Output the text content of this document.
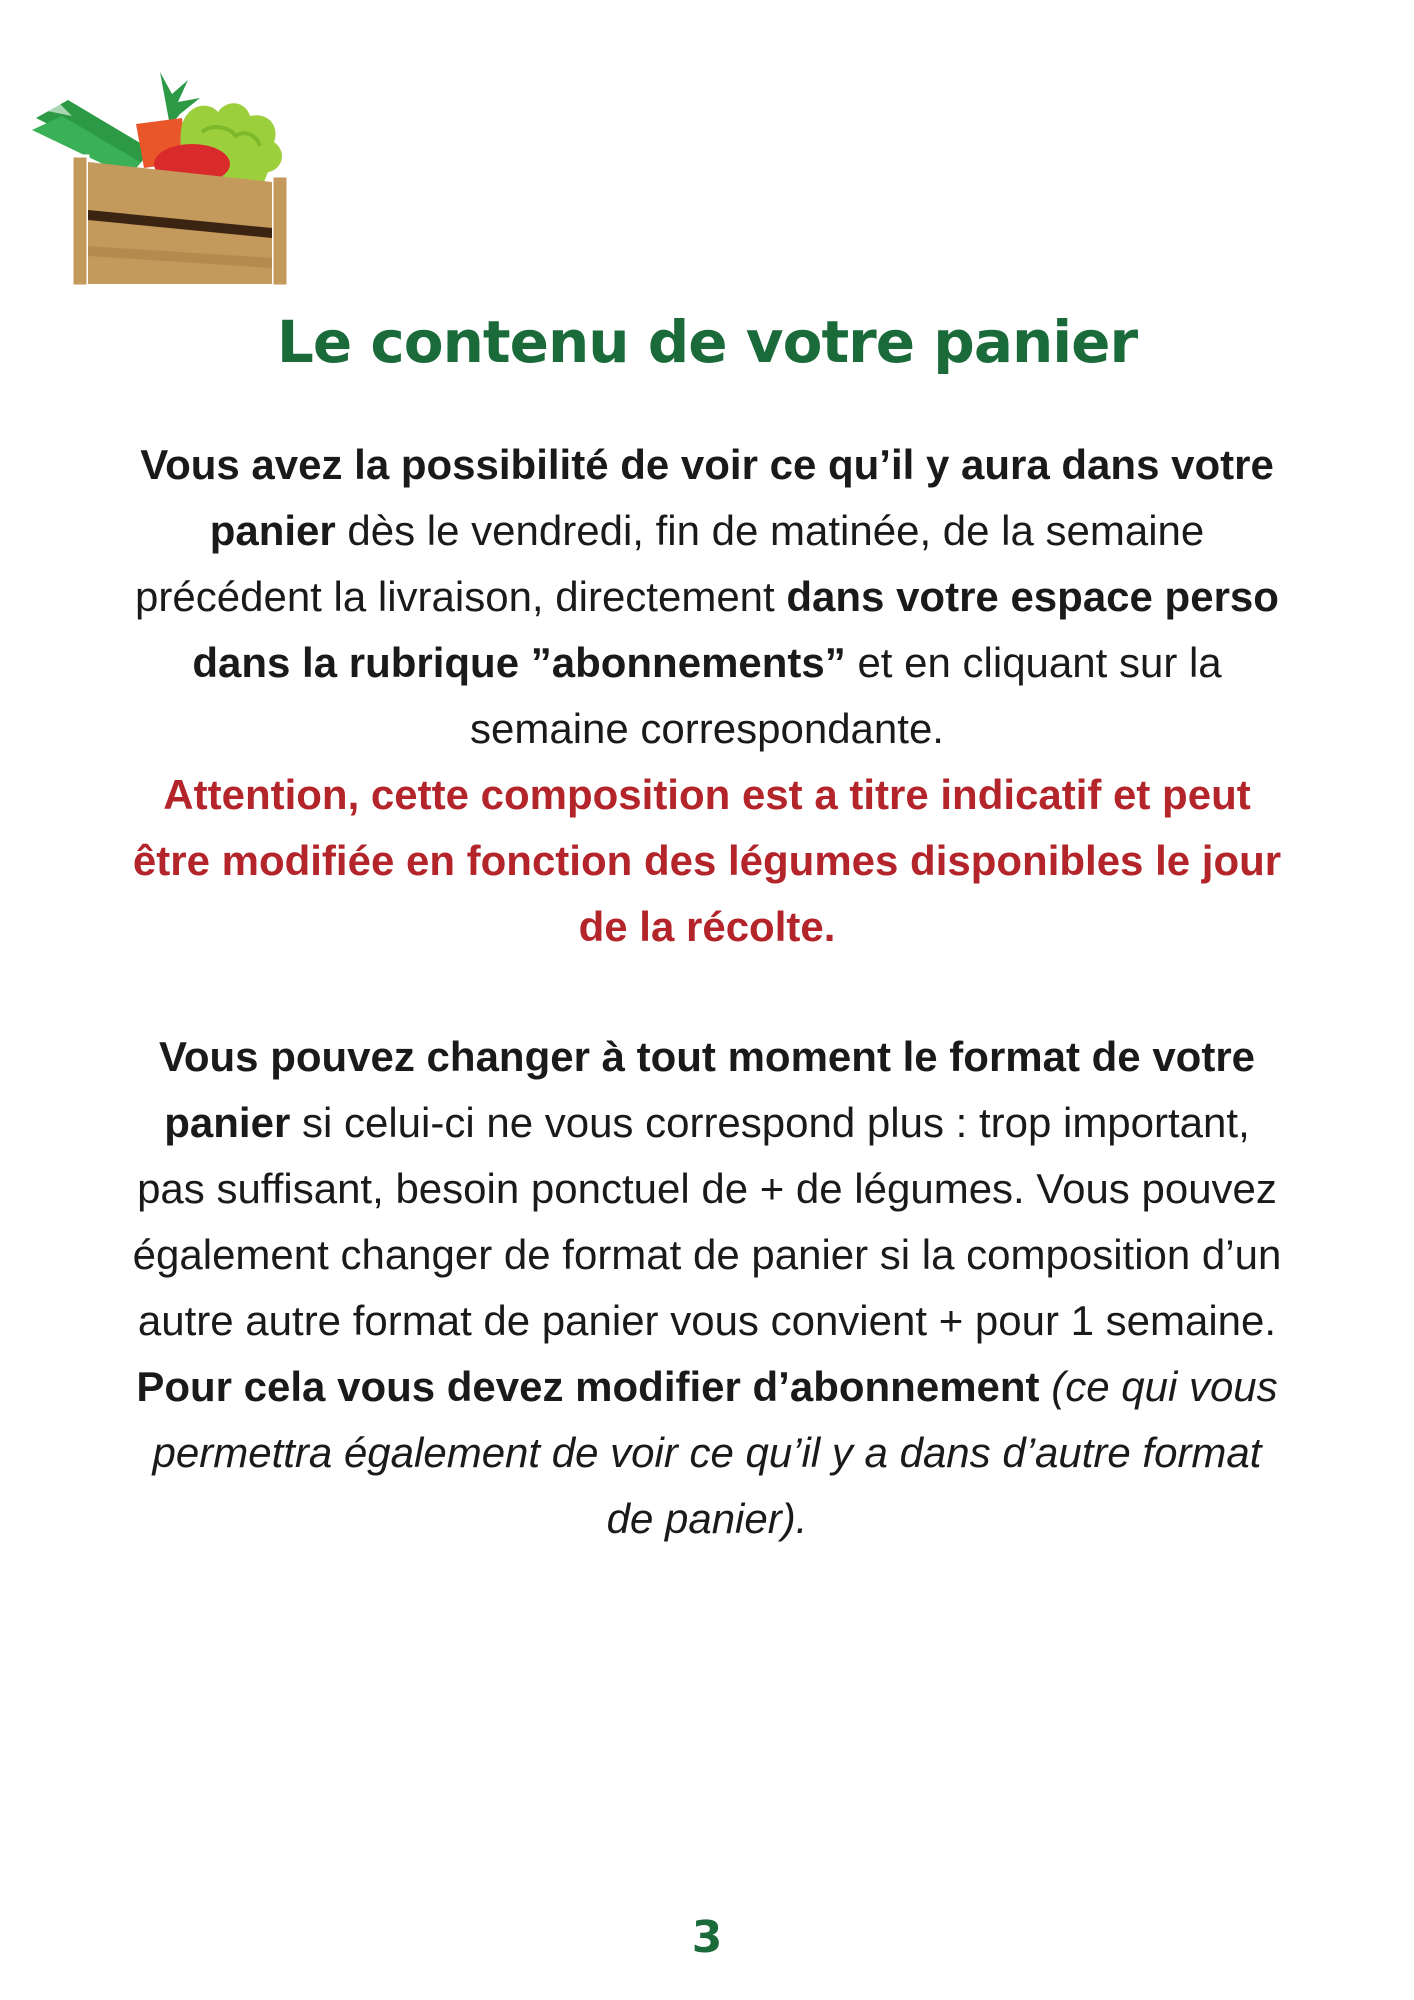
Le contenu de votre panier

Vous avez la possibilité de voir ce qu’il y aura dans votre panier dès le vendredi, fin de matinée, de la semaine précédent la livraison, directement dans votre espace perso dans la rubrique ”abonnements” et en cliquant sur la semaine correspondante.
Attention, cette composition est a titre indicatif et peut être modifiée en fonction des légumes disponibles le jour de la récolte.

Vous pouvez changer à tout moment le format de votre panier si celui-ci ne vous correspond plus : trop important, pas suffisant, besoin ponctuel de + de légumes. Vous pouvez également changer de format de panier si la composition d’un autre autre format de panier vous convient + pour 1 semaine. Pour cela vous devez modifier d’abonnement (ce qui vous permettra également de voir ce qu’il y a dans d’autre format de panier).

3
